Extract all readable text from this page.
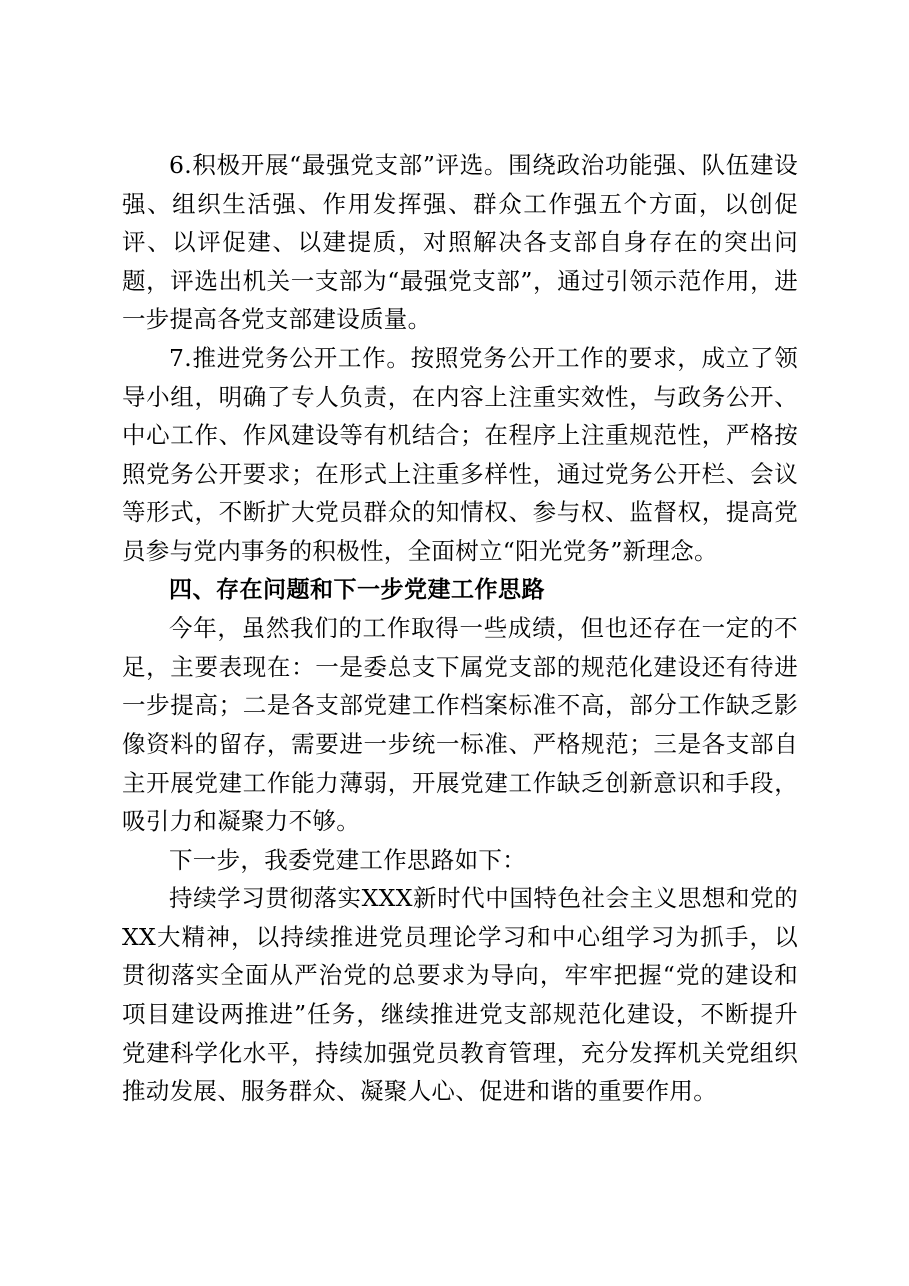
6.积极开展“最强党支部”评选。围绕政治功能强、队伍建设强、组织生活强、作用发挥强、群众工作强五个方面，以创促评、以评促建、以建提质，对照解决各支部自身存在的突出问题，评选出机关一支部为“最强党支部”，通过引领示范作用，进一步提高各党支部建设质量。

7.推进党务公开工作。按照党务公开工作的要求，成立了领导小组，明确了专人负责，在内容上注重实效性，与政务公开、中心工作、作风建设等有机结合；在程序上注重规范性，严格按照党务公开要求；在形式上注重多样性，通过党务公开栏、会议等形式，不断扩大党员群众的知情权、参与权、监督权，提高党员参与党内事务的积极性，全面树立“阳光党务”新理念。

四、存在问题和下一步党建工作思路

今年，虽然我们的工作取得一些成绩，但也还存在一定的不足，主要表现在：一是委总支下属党支部的规范化建设还有待进一步提高；二是各支部党建工作档案标准不高，部分工作缺乏影像资料的留存，需要进一步统一标准、严格规范；三是各支部自主开展党建工作能力薄弱，开展党建工作缺乏创新意识和手段，吸引力和凝聚力不够。

下一步，我委党建工作思路如下：

持续学习贯彻落实XXX新时代中国特色社会主义思想和党的XX大精神，以持续推进党员理论学习和中心组学习为抓手，以贯彻落实全面从严治党的总要求为导向，牢牢把握“党的建设和项目建设两推进”任务，继续推进党支部规范化建设，不断提升党建科学化水平，持续加强党员教育管理，充分发挥机关党组织推动发展、服务群众、凝聚人心、促进和谐的重要作用。
